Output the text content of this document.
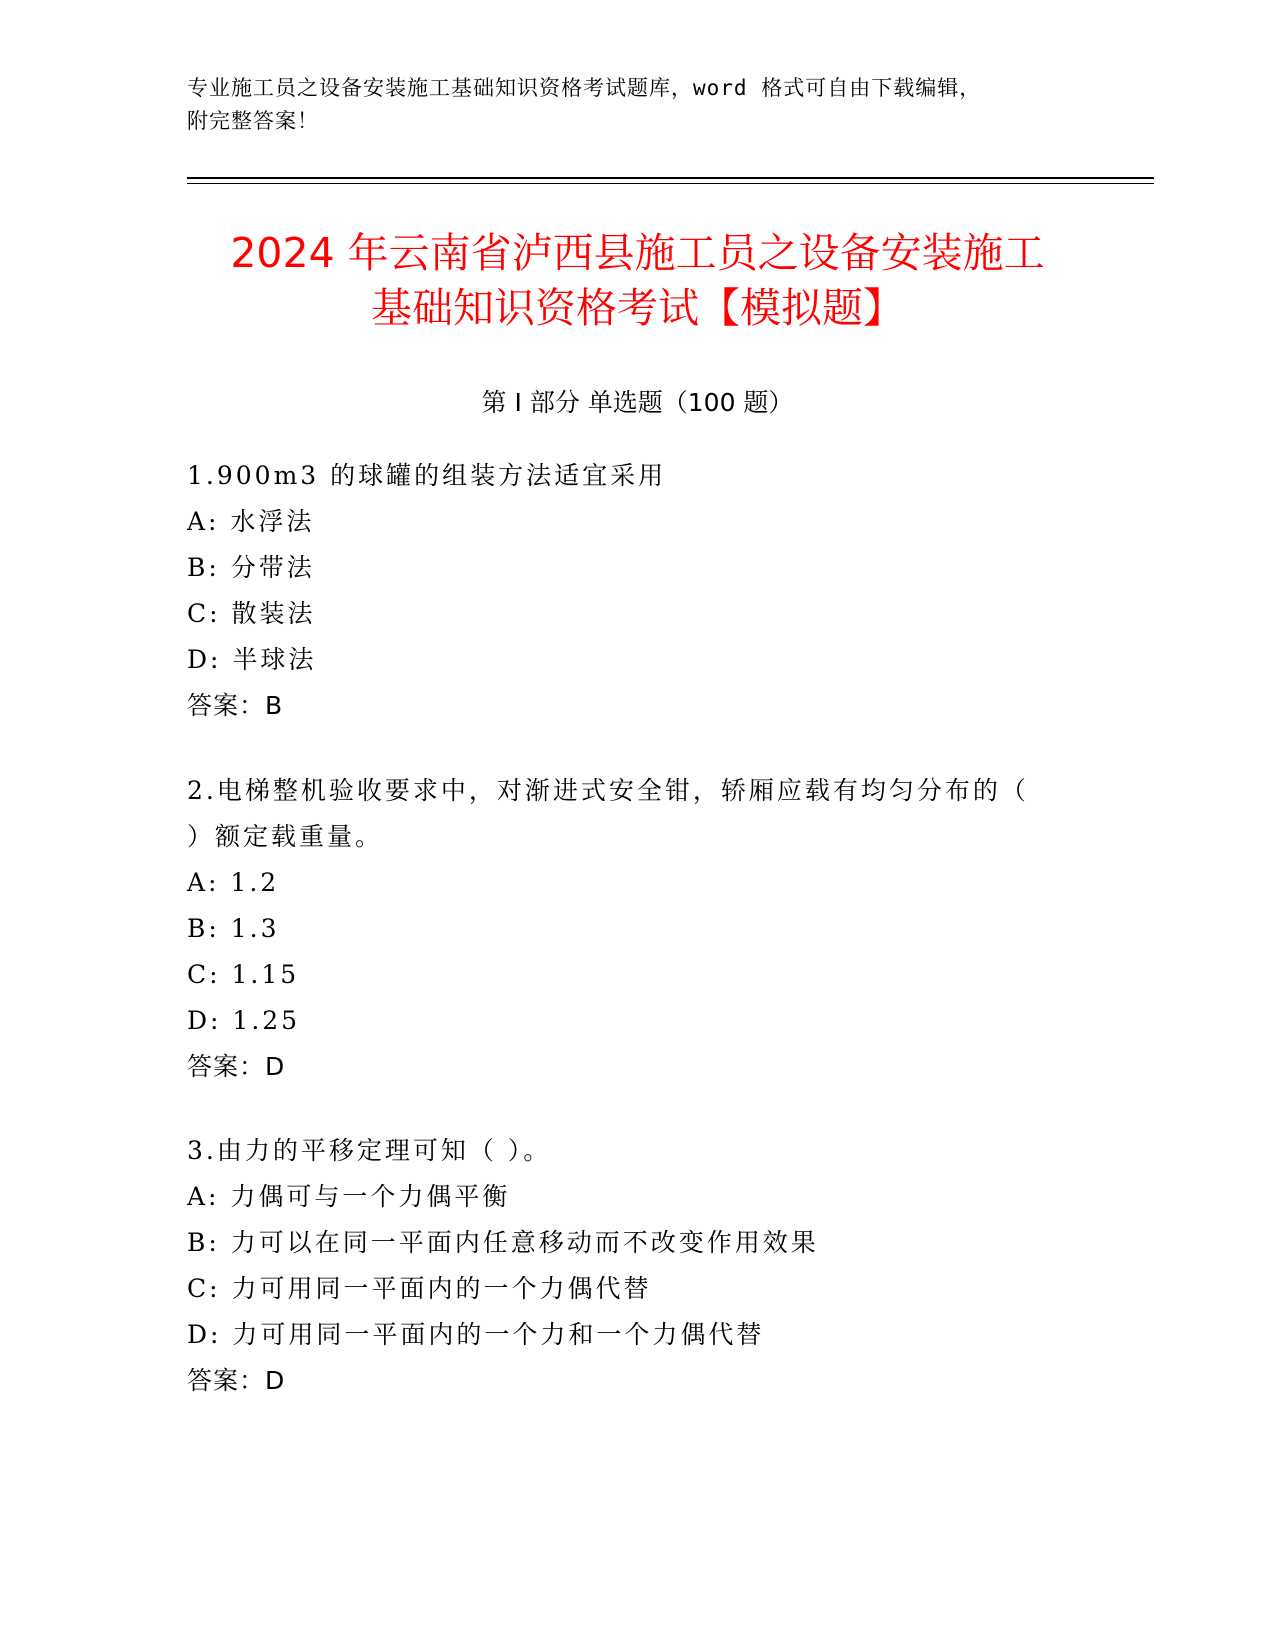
专业施工员之设备安装施工基础知识资格考试题库，word 格式可自由下载编辑，
附完整答案！
2024 年云南省泸西县施工员之设备安装施工
基础知识资格考试【模拟题】
第 I 部分 单选题（100 题）
1.900m3 的球罐的组装方法适宜采用
A: 水浮法
B: 分带法
C: 散装法
D: 半球法
答案：B
2.电梯整机验收要求中，对渐进式安全钳，轿厢应载有均匀分布的（
）额定载重量。
A: 1.2
B: 1.3
C: 1.15
D: 1.25
答案：D
3.由力的平移定理可知（ ）。
A: 力偶可与一个力偶平衡
B: 力可以在同一平面内任意移动而不改变作用效果
C: 力可用同一平面内的一个力偶代替
D: 力可用同一平面内的一个力和一个力偶代替
答案：D
